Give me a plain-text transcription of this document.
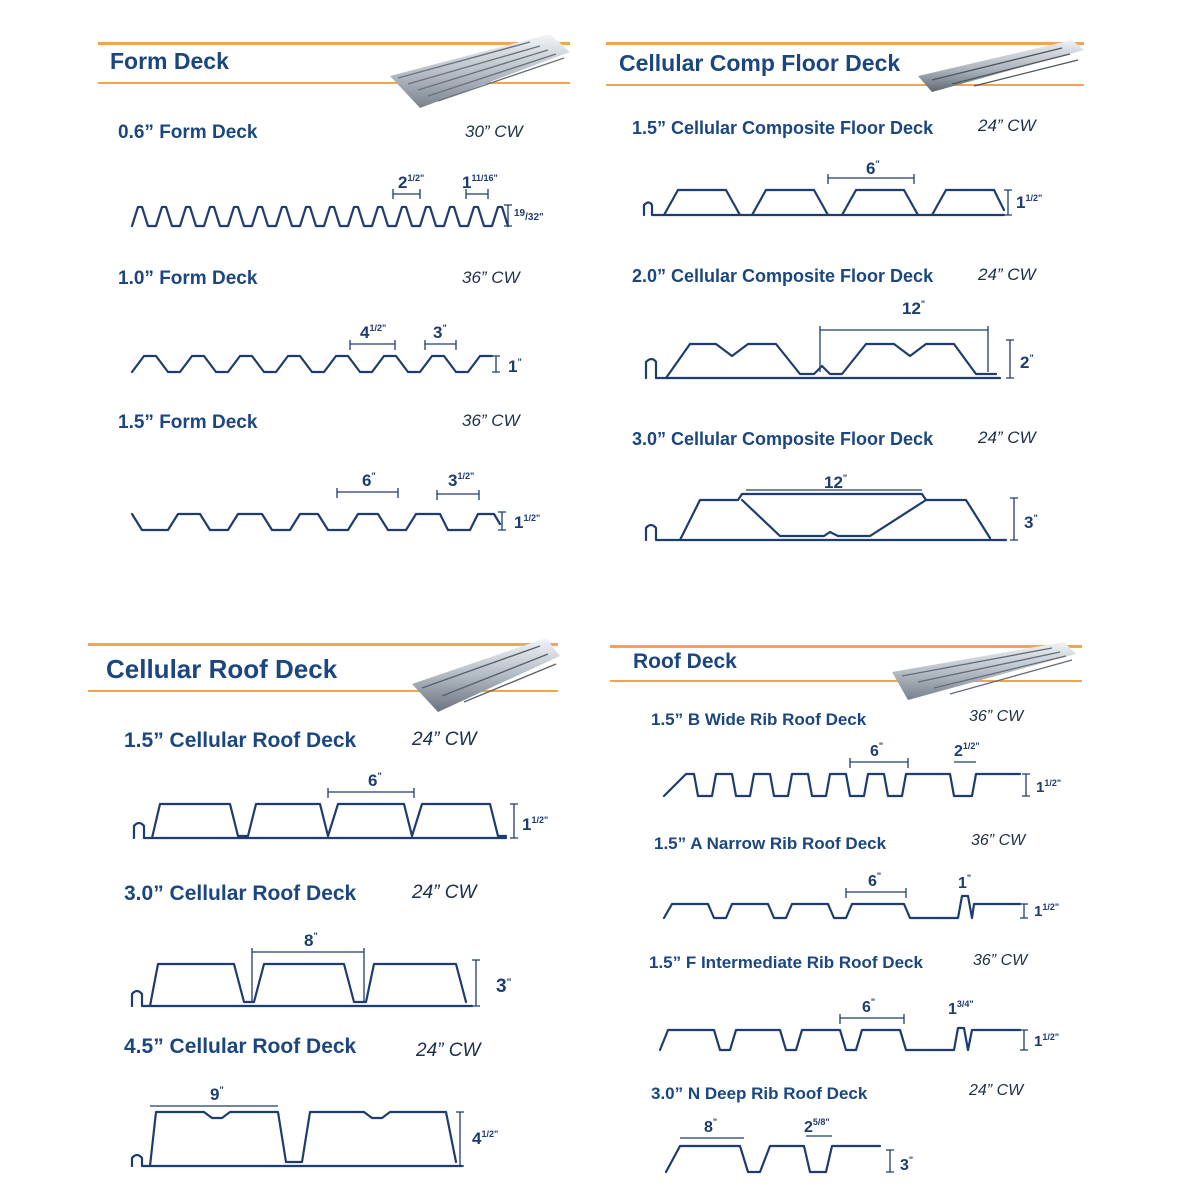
Form Deck	Cellular Comp Floor Deck
Cellular Roof Deck	Roof Deck
0.6” Form Deck	30” CW
1.0” Form Deck	36” CW
1.5” Form Deck	36” CW
1.5” Cellular Composite Floor Deck	24” CW
2.0” Cellular Composite Floor Deck	24” CW
3.0” Cellular Composite Floor Deck	24” CW
1.5” Cellular Roof Deck	24” CW
3.0” Cellular Roof Deck	24” CW
4.5” Cellular Roof Deck	24” CW
1.5” B Wide Rib Roof Deck	36” CW
1.5” A Narrow Rib Roof Deck	36” CW
1.5” F Intermediate Rib Roof Deck	36” CW
3.0” N Deep Rib Roof Deck	24” CW
$2^{1/2"}$ $1^{11/16"}$
19/32"
$4^{1/2"}$	3"
1"
6"	$3^{1/2"}$
$1^{1/2"}$
6"
$1^{1/2"}$
12"
2"
12"
3"
6"
$1^{1/2"}$
8"
3“
9"
$4^{1/2"}$
6"	$2^{1/2"}$
$1^{1/2"}$
6"	1"
$1^{1/2"}$
6"	$1^{3/4"}$
$1^{1/2"}$
8"	$2^{5/8"}$
3"
